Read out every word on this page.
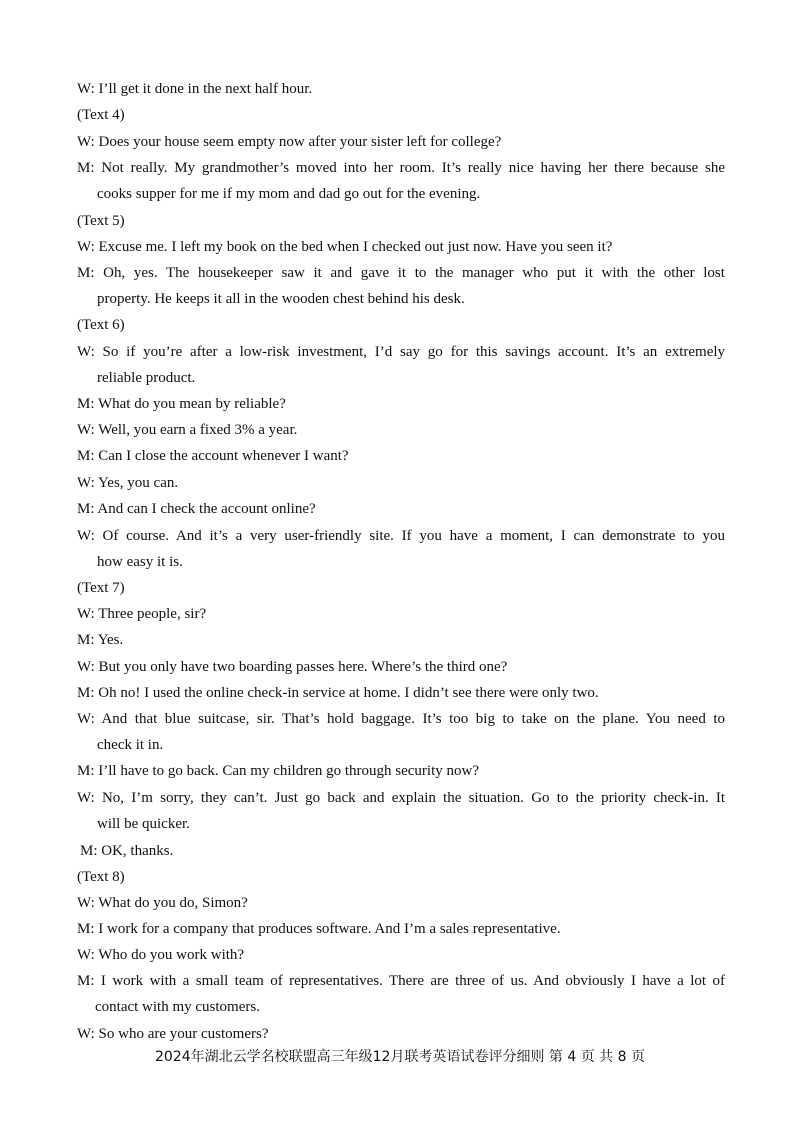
W: I’ll get it done in the next half hour.
(Text 4)
W: Does your house seem empty now after your sister left for college?
M: Not really. My grandmother’s moved into her room. It’s really nice having her there because she
cooks supper for me if my mom and dad go out for the evening.
(Text 5)
W: Excuse me. I left my book on the bed when I checked out just now. Have you seen it?
M: Oh, yes. The housekeeper saw it and gave it to the manager who put it with the other lost
property. He keeps it all in the wooden chest behind his desk.
(Text 6)
W: So if you’re after a low-risk investment, I’d say go for this savings account. It’s an extremely
reliable product.
M: What do you mean by reliable?
W: Well, you earn a fixed 3% a year.
M: Can I close the account whenever I want?
W: Yes, you can.
M: And can I check the account online?
W: Of course. And it’s a very user-friendly site. If you have a moment, I can demonstrate to you
how easy it is.
(Text 7)
W: Three people, sir?
M: Yes.
W: But you only have two boarding passes here. Where’s the third one?
M: Oh no! I used the online check-in service at home. I didn’t see there were only two.
W: And that blue suitcase, sir. That’s hold baggage. It’s too big to take on the plane. You need to
check it in.
M: I’ll have to go back. Can my children go through security now?
W: No, I’m sorry, they can’t. Just go back and explain the situation. Go to the priority check-in. It
will be quicker.
M: OK, thanks.
(Text 8)
W: What do you do, Simon?
M: I work for a company that produces software. And I’m a sales representative.
W: Who do you work with?
M: I work with a small team of representatives. There are three of us. And obviously I have a lot of
contact with my customers.
W: So who are your customers?
2024年湖北云学名校联盟高三年级12月联考英语试卷评分细则 第 4 页 共 8 页
